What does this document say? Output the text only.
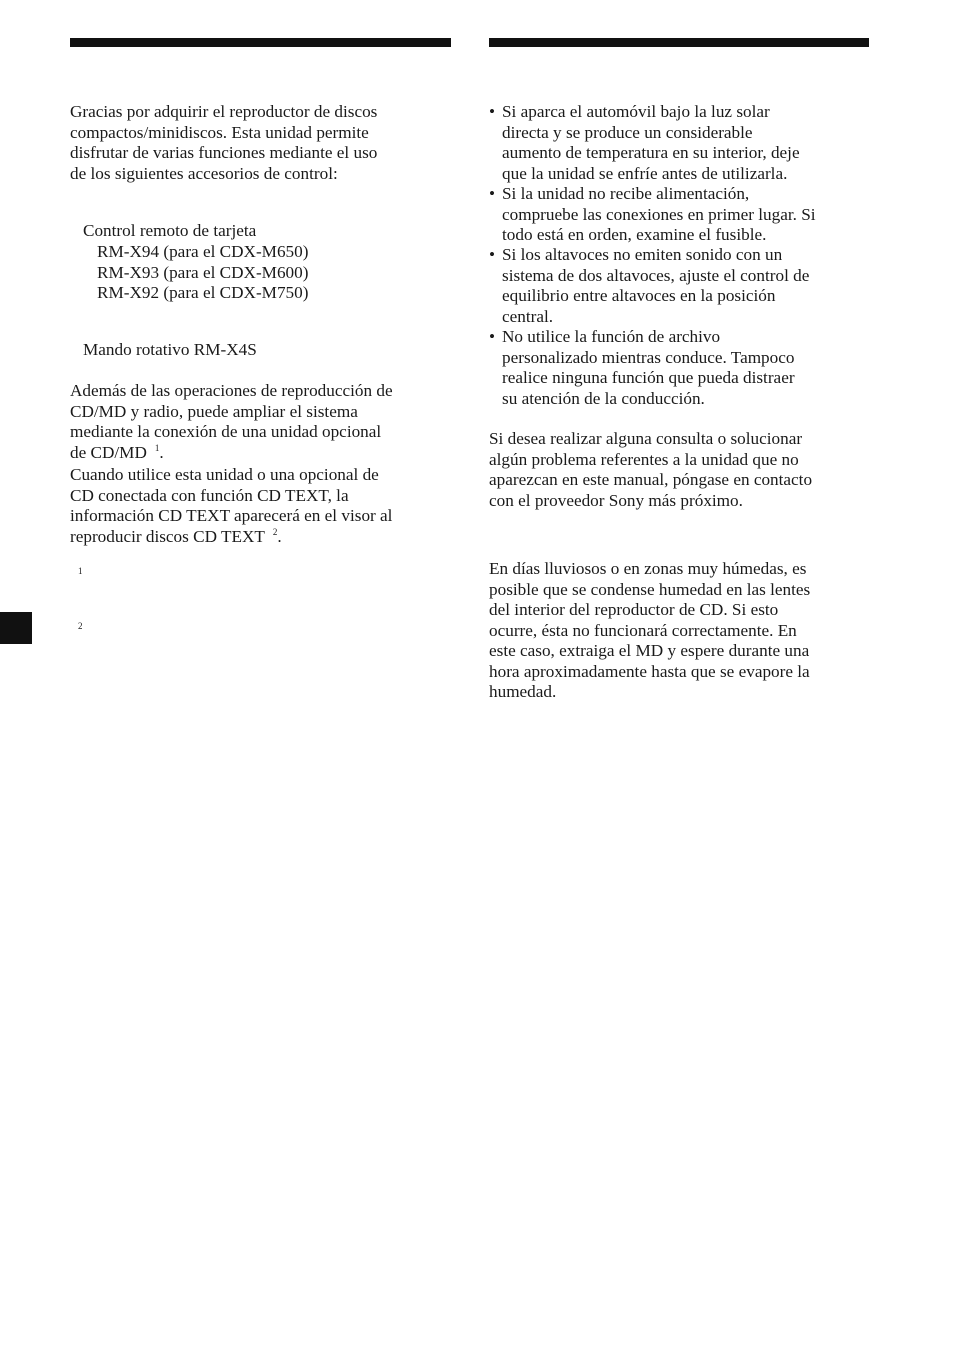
Gracias por adquirir el reproductor de discos
compactos/minidiscos. Esta unidad permite
disfrutar de varias funciones mediante el uso
de los siguientes accesorios de control:
Control remoto de tarjeta
RM-X94 (para el CDX-M650)
RM-X93 (para el CDX-M600)
RM-X92 (para el CDX-M750)
Mando rotativo RM-X4S
Además de las operaciones de reproducción de
CD/MD y radio, puede ampliar el sistema
mediante la conexión de una unidad opcional
de CD/MD $^1$.
Cuando utilice esta unidad o una opcional de
CD conectada con función CD TEXT, la
información CD TEXT aparecerá en el visor al
reproducir discos CD TEXT $^2$.
1
2
• Si aparca el automóvil bajo la luz solar
directa y se produce un considerable
aumento de temperatura en su interior, deje
que la unidad se enfríe antes de utilizarla.
• Si la unidad no recibe alimentación,
compruebe las conexiones en primer lugar. Si
todo está en orden, examine el fusible.
• Si los altavoces no emiten sonido con un
sistema de dos altavoces, ajuste el control de
equilibrio entre altavoces en la posición
central.
• No utilice la función de archivo
personalizado mientras conduce. Tampoco
realice ninguna función que pueda distraer
su atención de la conducción.
Si desea realizar alguna consulta o solucionar
algún problema referentes a la unidad que no
aparezcan en este manual, póngase en contacto
con el proveedor Sony más próximo.
En días lluviosos o en zonas muy húmedas, es
posible que se condense humedad en las lentes
del interior del reproductor de CD. Si esto
ocurre, ésta no funcionará correctamente. En
este caso, extraiga el MD y espere durante una
hora aproximadamente hasta que se evapore la
humedad.
